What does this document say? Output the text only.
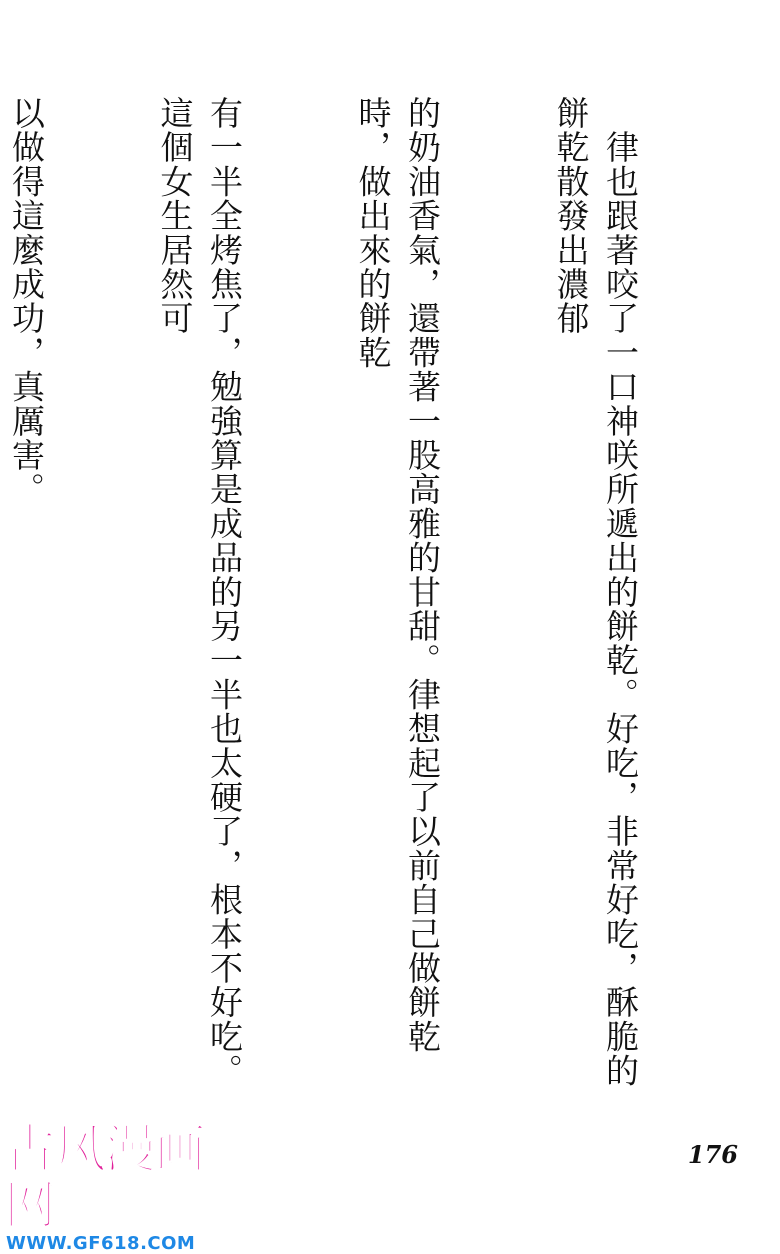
　律也跟著咬了一口神咲所遞出的餅乾。好吃，非常好吃，酥脆的餅乾散發出濃郁

的奶油香氣，還帶著一股高雅的甘甜。律想起了以前自己做餅乾時，做出來的餅乾

有一半全烤焦了，勉強算是成品的另一半也太硬了，根本不好吃。這個女生居然可

以做得這麼成功，真厲害。

176
古风漫画网
WWW.GF618.COM
